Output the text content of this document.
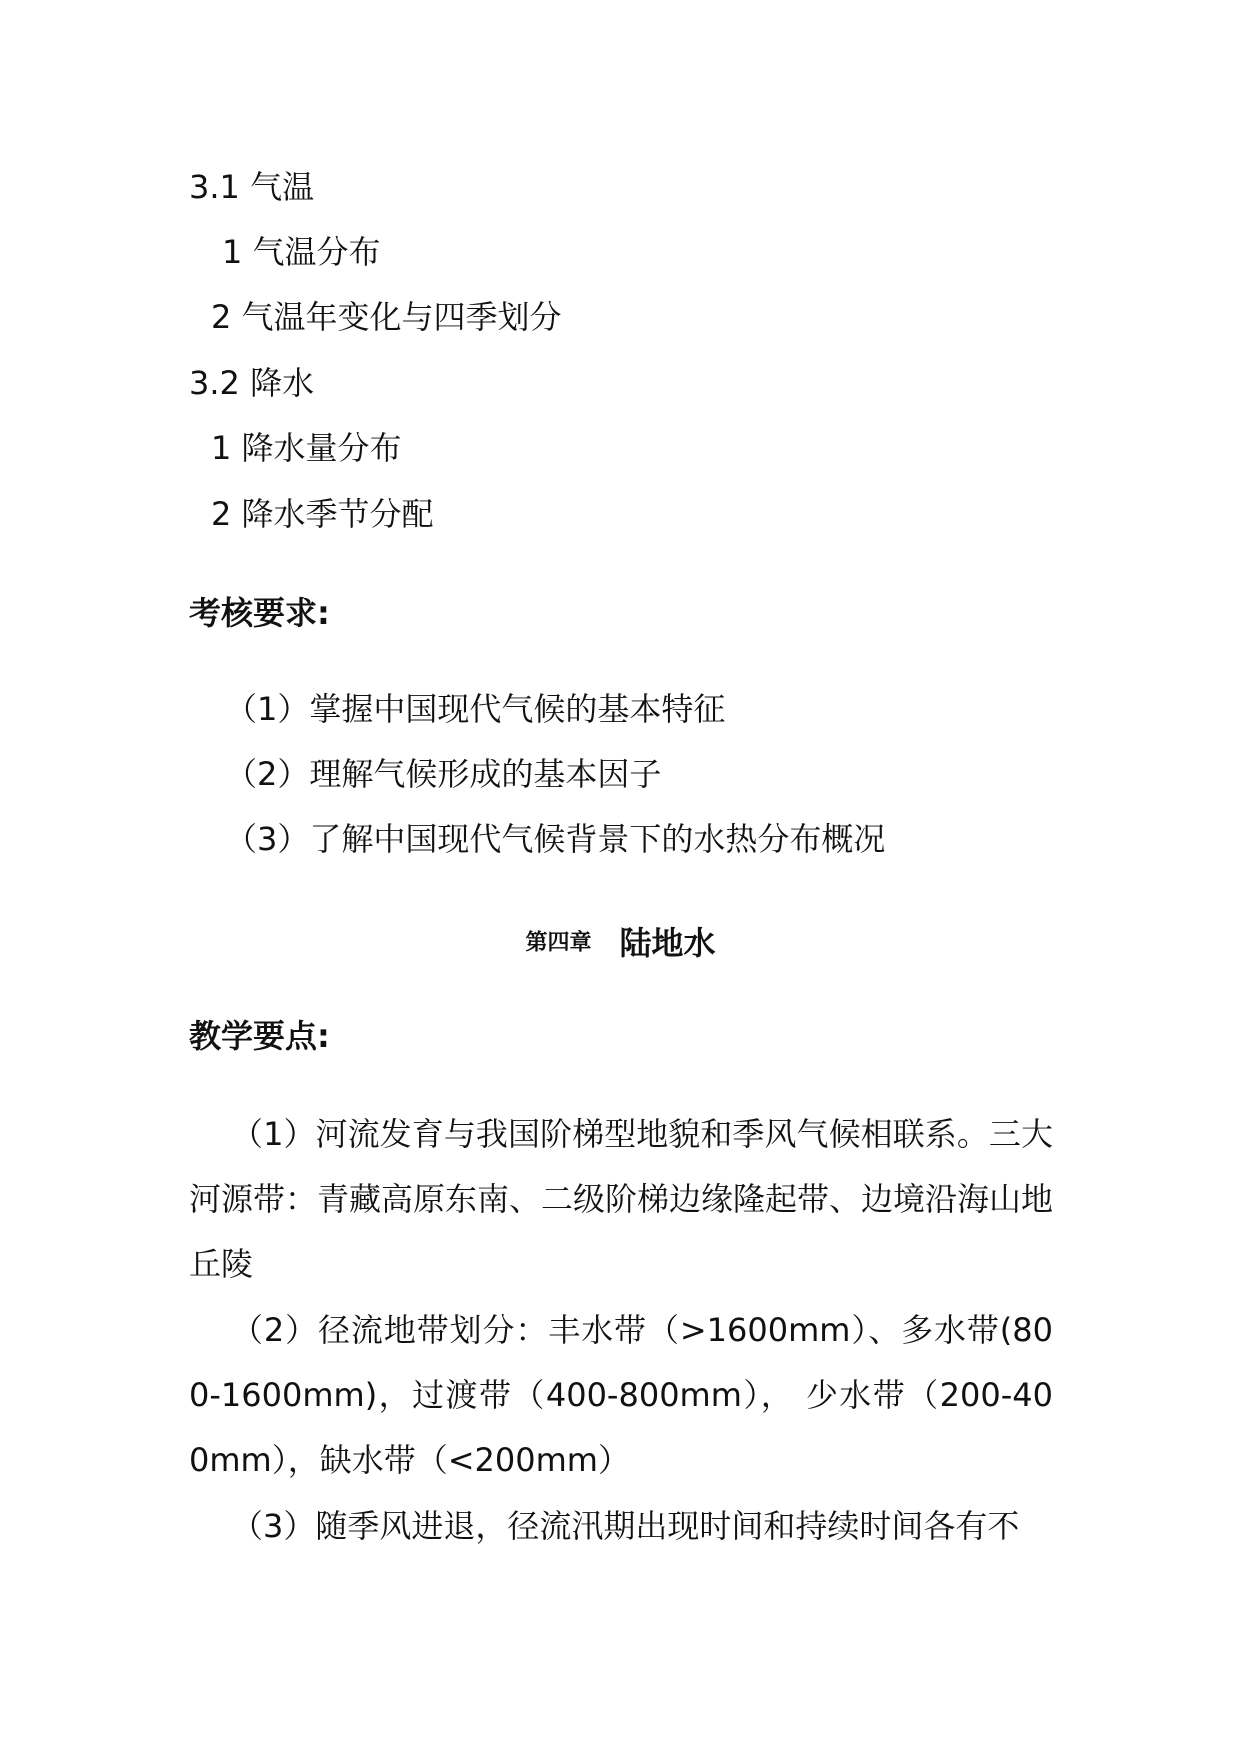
3.1 气温
1 气温分布
2 气温年变化与四季划分
3.2 降水
1 降水量分布
2 降水季节分配
考核要求:
（1）掌握中国现代气候的基本特征
（2）理解气候形成的基本因子
（3）了解中国现代气候背景下的水热分布概况
第四章 陆地水
教学要点:
（1）河流发育与我国阶梯型地貌和季风气候相联系。三大河源带：青藏高原东南、二级阶梯边缘隆起带、边境沿海山地丘陵
（2）径流地带划分：丰水带（>1600mm）、多水带(800-1600mm)，过渡带（400-800mm）， 少水带（200-400mm），缺水带（<200mm）
（3）随季风进退，径流汛期出现时间和持续时间各有不
